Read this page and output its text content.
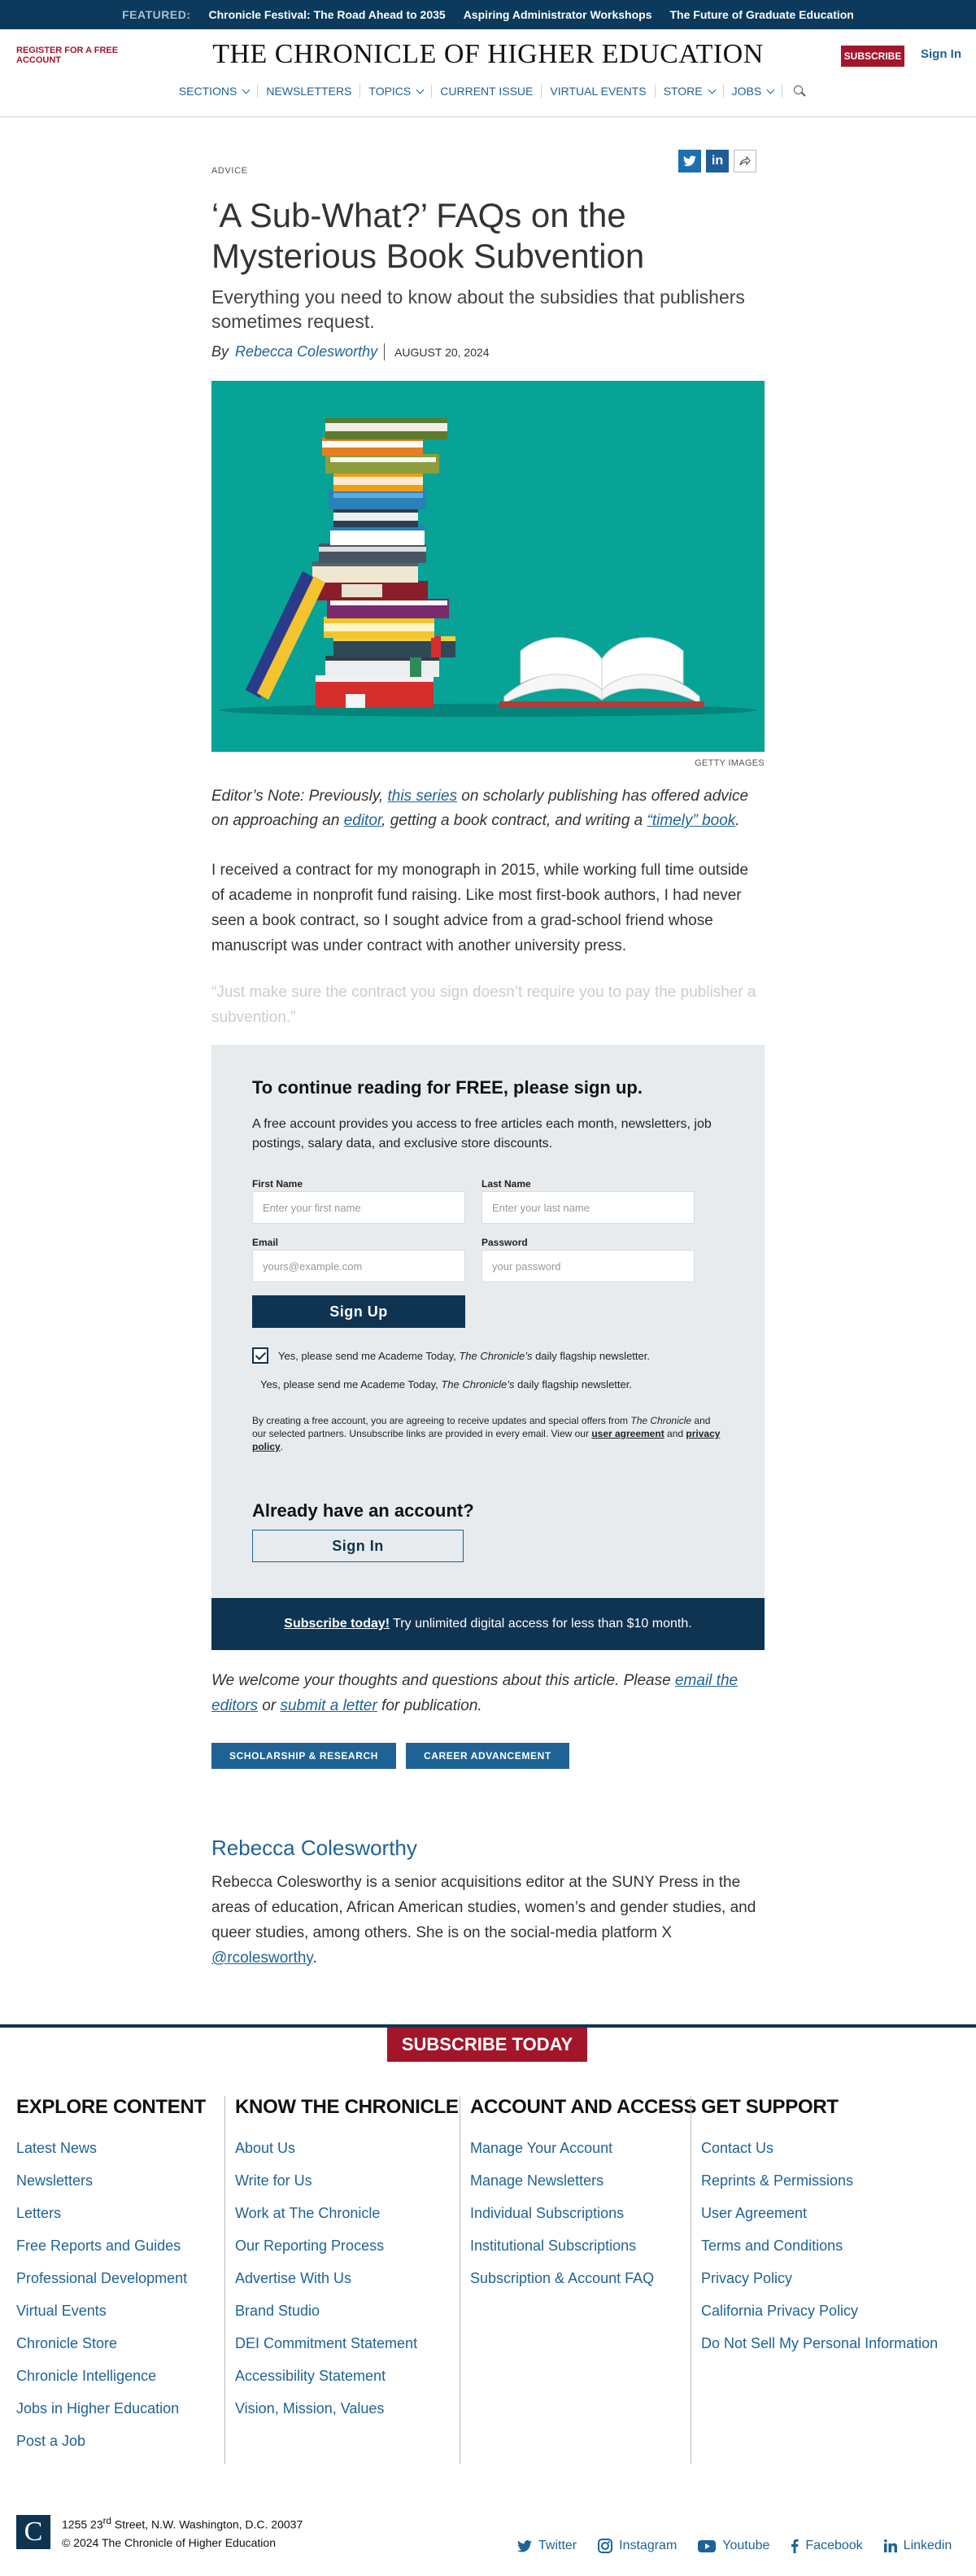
FEATURED: Chronicle Festival: The Road Ahead to 2035 Aspiring Administrator Workshops The Future of Graduate Education
REGISTER FOR A FREE ACCOUNT	THE CHRONICLE OF HIGHER EDUCATION	SUBSCRIBE Sign In
SECTIONS	NEWSLETTERS TOPICS	CURRENT ISSUE VIRTUAL EVENTS STORE	JOBS
ADVICE
in
‘A Sub-What?’ FAQs on the Mysterious Book Subvention

Everything you need to know about the subsidies that publishers sometimes request.

By Rebecca Colesworthy	AUGUST 20, 2024
GETTY IMAGES

Editor’s Note: Previously, this series on scholarly publishing has offered advice on approaching an editor, getting a book contract, and writing a “timely” book.

I received a contract for my monograph in 2015, while working full time outside of academe in nonprofit fund raising. Like most first-book authors, I had never seen a book contract, so I sought advice from a grad-school friend whose manuscript was under contract with another university press.

“Just make sure the contract you sign doesn’t require you to pay the publisher a subvention.”

To continue reading for FREE, please sign up.

A free account provides you access to free articles each month, newsletters, job postings, salary data, and exclusive store discounts.

First Name
Enter your first name
Last Name
Enter your last name
Email
yours@example.com
Password
your password
Sign Up
Yes, please send me Academe Today, The Chronicle’s daily flagship newsletter.
Yes, please send me Academe Today, The Chronicle’s daily flagship newsletter.

By creating a free account, you are agreeing to receive updates and special offers from The Chronicle and our selected partners. Unsubscribe links are provided in every email. View our user agreement and privacy policy.

Already have an account?
Sign In
Subscribe today! Try unlimited digital access for less than $10 month.

We welcome your thoughts and questions about this article. Please email the editors or submit a letter for publication.

SCHOLARSHIP & RESEARCH	CAREER ADVANCEMENT
Rebecca Colesworthy

Rebecca Colesworthy is a senior acquisitions editor at the SUNY Press in the areas of education, African American studies, women’s and gender studies, and queer studies, among others. She is on the social-media platform X @rcolesworthy.

SUBSCRIBE TODAY
EXPLORE CONTENT
Latest News
Newsletters
Letters
Free Reports and Guides
Professional Development
Virtual Events
Chronicle Store
Chronicle Intelligence
Jobs in Higher Education
Post a Job
KNOW THE CHRONICLE
About Us
Write for Us
Work at The Chronicle
Our Reporting Process
Advertise With Us
Brand Studio
DEI Commitment Statement
Accessibility Statement
Vision, Mission, Values
ACCOUNT AND ACCESS
Manage Your Account
Manage Newsletters
Individual Subscriptions
Institutional Subscriptions
Subscription & Account FAQ
GET SUPPORT
Contact Us
Reprints & Permissions
User Agreement
Terms and Conditions
Privacy Policy
California Privacy Policy
Do Not Sell My Personal Information
C	1255 23rd Street, N.W. Washington, D.C. 20037
© 2024 The Chronicle of Higher Education	Twitter	Instagram	Youtube	Facebook	Linkedin
